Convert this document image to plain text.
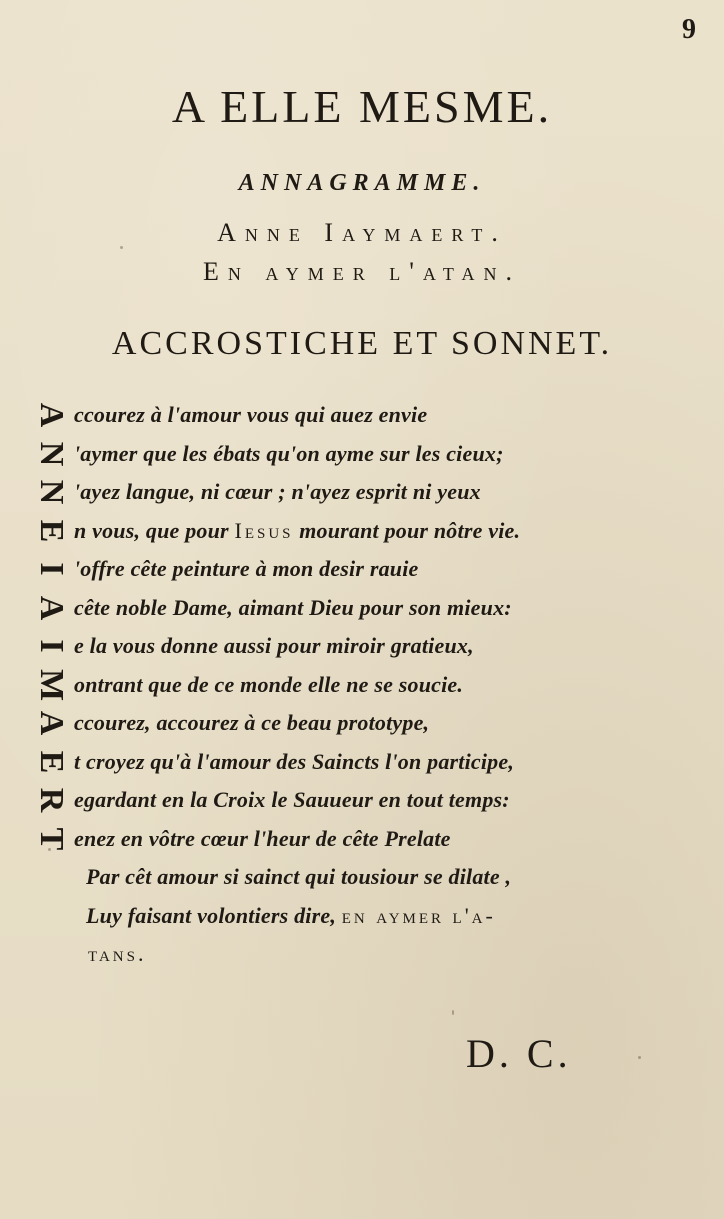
9
A ELLE MESME.
ANNAGRAMME.
Anne Iaymaert.
En aymer l'atan.
ACCROSTICHE ET SONNET.
A ccourez à l'amour vous qui auez envie
N 'aymer que les ébats qu'on ayme sur les cieux;
N 'ayez langue, ni cœur ; n'ayez esprit ni yeux
E n vous, que pour Iesus mourant pour nôtre vie.
I 'offre cête peinture à mon desir rauie
A cête noble Dame, aimant Dieu pour son mieux:
I e la vous donne aussi pour miroir gratieux,
M ontrant que de ce monde elle ne se soucie.
A ccourez, accourez à ce beau prototype,
E t croyez qu'à l'amour des Saincts l'on participe,
R egardant en la Croix le Sauueur en tout temps:
T enez en vôtre cœur l'heur de cête Prelate
Par cêt amour si sainct qui tousiour se dilate ,
Luy faisant volontiers dire, en aymer l'a-
tans.
D. C.
